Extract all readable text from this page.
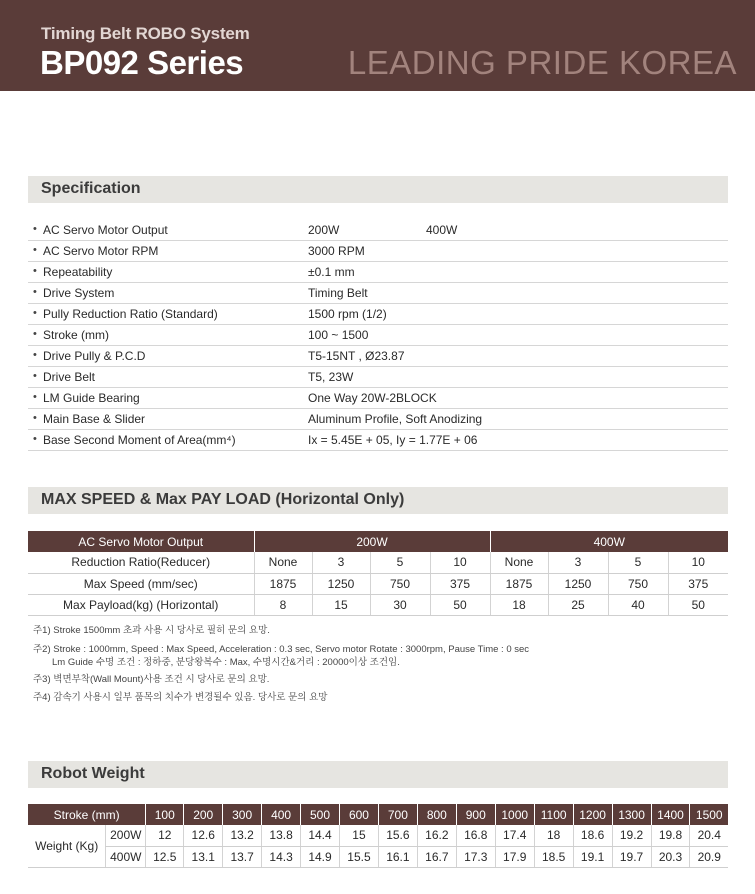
Timing Belt ROBO System
BP092 Series	LEADING PRIDE KOREA
Specification
• AC Servo Motor Output	200W	400W
• AC Servo Motor RPM	3000 RPM
• Repeatability	±0.1 mm
• Drive System	Timing Belt
• Pully Reduction Ratio (Standard)	1500 rpm (1/2)
• Stroke (mm)	100 ~ 1500
• Drive Pully & P.C.D	T5-15NT , Ø23.87
• Drive Belt	T5, 23W
• LM Guide Bearing	One Way 20W-2BLOCK
• Main Base & Slider	Aluminum Profile, Soft Anodizing
• Base Second Moment of Area(mm⁴)	Ix = 5.45E + 05, Iy = 1.77E + 06
MAX SPEED & Max PAY LOAD (Horizontal Only)
AC Servo Motor Output	200W				400W			
Reduction Ratio(Reducer)	None	3	5	10	None	3	5	10
Max Speed (mm/sec)	1875	1250	750	375	1875	1250	750	375
Max Payload(kg) (Horizontal)	8	15	30	50	18	25	40	50

주1) Stroke 1500mm 초과 사용 시 당사로 필히 문의 요망.

주2) Stroke : 1000mm, Speed : Max Speed, Acceleration : 0.3 sec, Servo motor Rotate : 3000rpm, Pause Time : 0 sec

Lm Guide 수명 조건 : 정하중, 분당왕복수 : Max, 수명시간&거리 : 20000이상 조건임.

주3) 벽면부착(Wall Mount)사용 조건 시 당사로 문의 요망.

주4) 감속기 사용시 일부 품목의 치수가 변경될수 있음. 당사로 문의 요망

Robot Weight
Stroke (mm)		100	200	300	400	500	600	700	800	900	1000	1100	1200	1300	1400	1500
Weight (Kg)	200W	12	12.6	13.2	13.8	14.4	15	15.6	16.2	16.8	17.4	18	18.6	19.2	19.8	20.4
	400W	12.5	13.1	13.7	14.3	14.9	15.5	16.1	16.7	17.3	17.9	18.5	19.1	19.7	20.3	20.9
